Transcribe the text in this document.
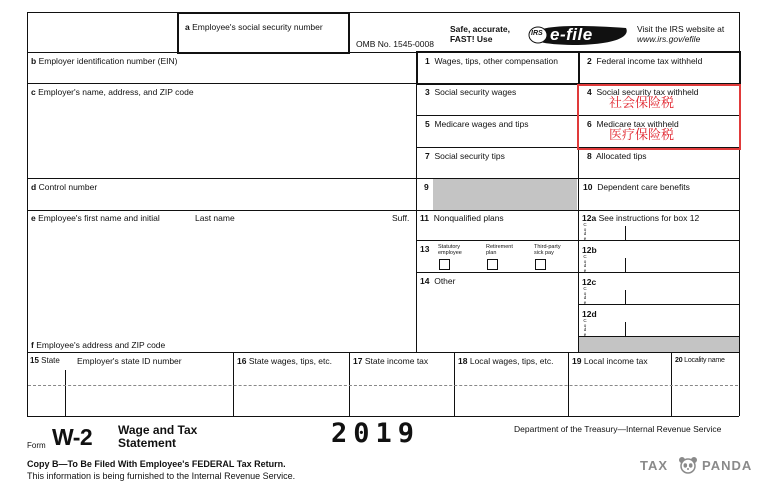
a Employee's social security number
OMB No. 1545-0008
Safe, accurate,
FAST! Use
IRS e-file	Visit the IRS website at
www.irs.gov/efile
b Employer identification number (EIN)
c Employer's name, address, and ZIP code
d Control number
e Employee's first name and initial	Last name	Suff.
f Employee's address and ZIP code
1 Wages, tips, other compensation
3 Social security wages
5 Medicare wages and tips
7 Social security tips
9
11 Nonqualified plans
13 Statutory
employee
Retirement
plan
Third-party
sick pay
14 Other
2 Federal income tax withheld
4 Social security tax withheld
社会保险税
6 Medicare tax withheld
医疗保险税
8 Allocated tips
10 Dependent care benefits
12a See instructions for box 12
12b
12c
12d
C
o
d
e
C
o
d
e
C
o
d
e
C
o
d
e
15 State Employer's state ID number	16 State wages, tips, etc. 17 State income tax	18 Local wages, tips, etc. 19 Local income tax	20 Locality name
Form W-2 Wage and Tax
Statement	2019	Department of the Treasury—Internal Revenue Service
Copy B—To Be Filed With Employee's FEDERAL Tax Return.
This information is being furnished to the Internal Revenue Service.
TAX	PANDA
